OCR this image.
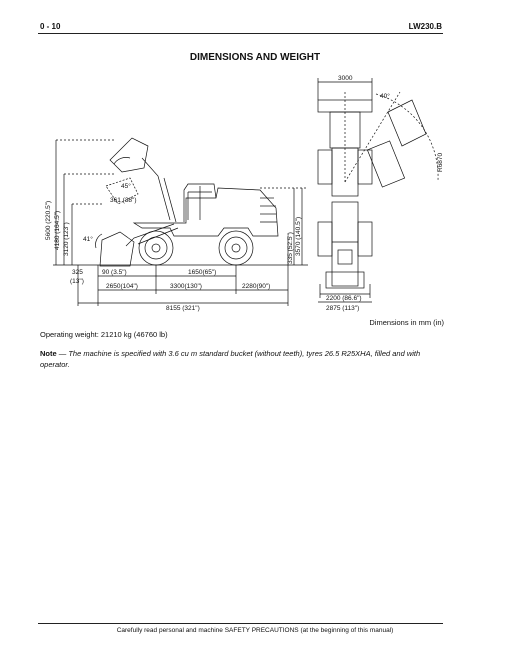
0 - 10	LW230.B
DIMENSIONS AND WEIGHT
5600 (220.5") 4180 (164.5") 3120 (123")
45°
41°
361 (38")
325
(13")
90 (3.5")	1650(65")
2650(104")	3300(130")	2280(90")
8155 (321")
3570 (140.5")
335 (52.5")
3000
40°
R6870
2200 (86.6")
2875 (113")
Dimensions in mm (in)
Operating weight: 21210 kg (46760 lb)
Note — The machine is specified with 3.6 cu m standard bucket (without teeth), tyres 26.5 R25XHA, filled and with operator.
Carefully read personal and machine SAFETY PRECAUTIONS (at the beginning of this manual)
